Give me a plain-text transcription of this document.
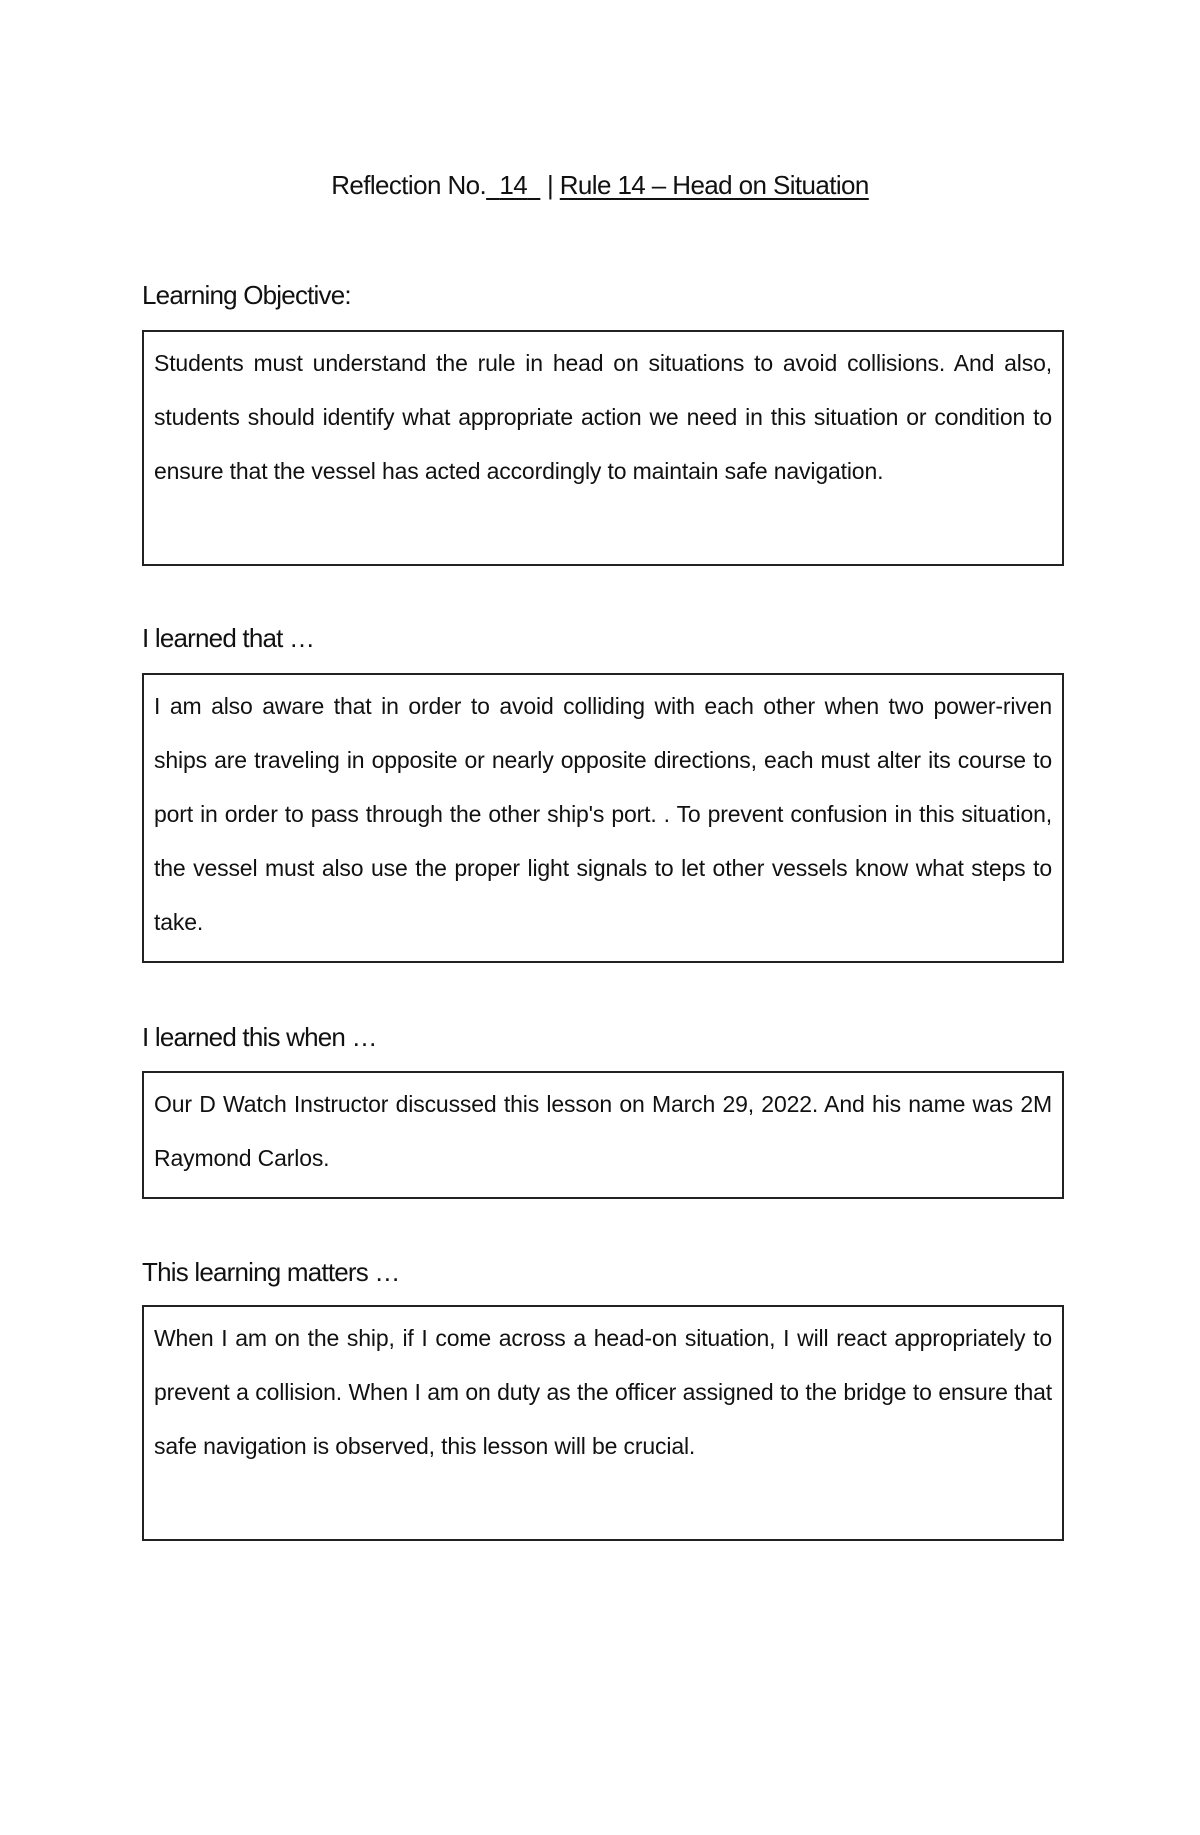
Reflection No. 14 | Rule 14 – Head on Situation
Learning Objective:

Students must understand the rule in head on situations to avoid collisions. And also, students should identify what appropriate action we need in this situation or condition to ensure that the vessel has acted accordingly to maintain safe navigation.

I learned that …

I am also aware that in order to avoid colliding with each other when two power-riven ships are traveling in opposite or nearly opposite directions, each must alter its course to port in order to pass through the other ship's port. . To prevent confusion in this situation, the vessel must also use the proper light signals to let other vessels know what steps to take.

I learned this when …

Our D Watch Instructor discussed this lesson on March 29, 2022. And his name was 2M Raymond Carlos.

This learning matters …

When I am on the ship, if I come across a head-on situation, I will react appropriately to prevent a collision. When I am on duty as the officer assigned to the bridge to ensure that safe navigation is observed, this lesson will be crucial.
